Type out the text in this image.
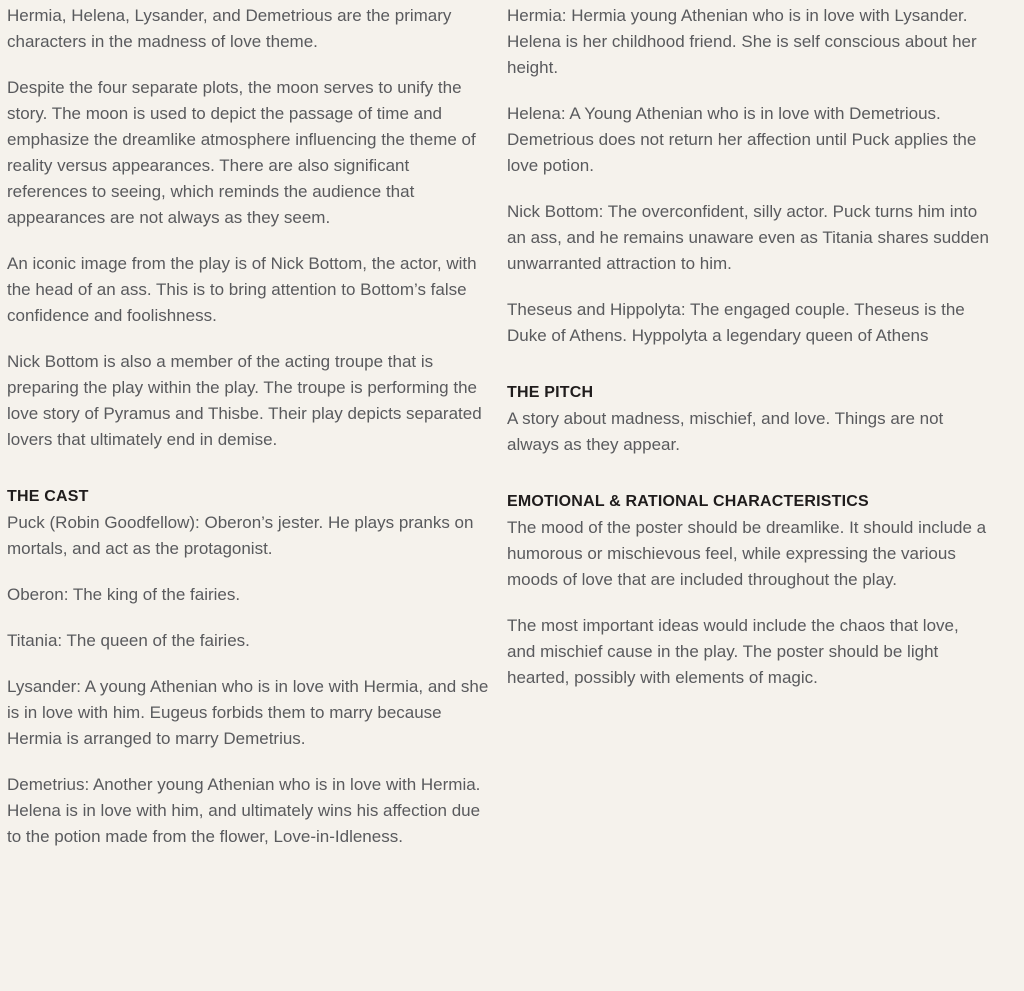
Hermia, Helena, Lysander, and Demetrious are the primary characters in the madness of love theme.

Despite the four separate plots, the moon serves to unify the story. The moon is used to depict the passage of time and emphasize the dreamlike atmosphere influencing the theme of reality versus appearances. There are also significant references to seeing, which reminds the audience that appearances are not always as they seem.

An iconic image from the play is of Nick Bottom, the actor, with the head of an ass. This is to bring attention to Bottom’s false confidence and foolishness.

Nick Bottom is also a member of the acting troupe that is preparing the play within the play. The troupe is performing the love story of Pyramus and Thisbe. Their play depicts separated lovers that ultimately end in demise.

THE CAST

Puck (Robin Goodfellow): Oberon’s jester. He plays pranks on mortals, and act as the protagonist.

Oberon: The king of the fairies.

Titania: The queen of the fairies.

Lysander: A young Athenian who is in love with Hermia, and she is in love with him. Eugeus forbids them to marry because Hermia is arranged to marry Demetrius.

Demetrius: Another young Athenian who is in love with Hermia. Helena is in love with him, and ultimately wins his affection due to the potion made from the flower, Love-in-Idleness.

Hermia: Hermia young Athenian who is in love with Lysander.  Helena is her childhood friend. She is self conscious about her height.

Helena: A Young Athenian who is in love with Demetrious. Demetrious does not return her affection until Puck applies the love potion.

Nick Bottom: The overconfident, silly actor. Puck turns him into an ass, and he remains unaware even as Titania shares sudden unwarranted attraction to him.

Theseus and Hippolyta: The engaged couple. Theseus is the Duke of Athens. Hyppolyta a legendary queen of Athens

THE PITCH

A story about madness, mischief, and love. Things are not always as they appear.

EMOTIONAL & RATIONAL CHARACTERISTICS

The mood of the poster should be dreamlike. It should include a humorous or mischievous feel, while expressing the various moods of love that are included throughout the play.

The most important ideas would include the chaos that love, and mischief cause in the play. The poster should be light hearted, possibly with elements of magic.
